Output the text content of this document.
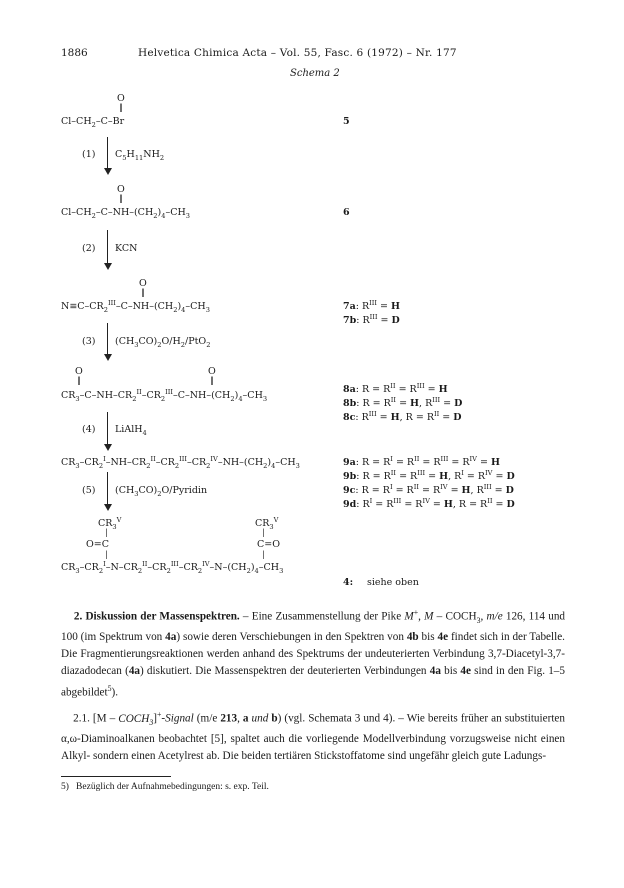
1886	Helvetica Chimica Acta – Vol. 55, Fasc. 6 (1972) – Nr. 177
Schema 2
O
‖
$Cl-CH_2-C-Br$	5
(1) $C_5H_{11}NH_2$
O
‖
$Cl-CH_2-C-NH-(CH_2)_4-CH_3$	6
(2) KCN
O
‖
$N\equiv C-CR_2^{III}-C-NH-(CH_2)_4-CH_3$	7a: $R^{III} = H$
7b: $R^{III} = D$
(3) $(CH_3CO)_2O/H_2/PtO_2$
O	O
‖	‖
$CR_3-C-NH-CR_2^{II}-CR_2^{III}-C-NH-(CH_2)_4-CH_3$
8a: $R = R^{II} = R^{III} = H$
8b: $R = R^{II} = H$, $R^{III} = D$
8c: $R^{III} = H$, $R = R^{II} = D$
(4) LiAlH$_4$
$CR_3-CR_2^I-NH-CR_2^{II}-CR_2^{III}-CR_2^{IV}-NH-(CH_2)_4-CH_3$	9a: $R = R^I = R^{II} = R^{III} = R^{IV} = H$
9b: $R = R^{II} = R^{III} = H$, $R^I = R^{IV} = D$
9c: $R = R^I = R^{II} = R^{IV} = H$, $R^{III} = D$
9d: $R^I = R^{III} = R^{IV} = H$, $R = R^{II} = D$
(5) $(CH_3CO)_2O$/Pyridin
$CR_3^V$	$CR_3^V$
|	|
O=C	C=O
|	|
$CR_3-CR_2^I-N-CR_2^{II}-CR_2^{III}-CR_2^{IV}-N-(CH_2)_4-CH_3$
4: siehe oben
2. Diskussion der Massenspektren. – Eine Zusammenstellung der Pike M+, M – $COCH_3$, m/e 126, 114 und 100 (im Spektrum von 4a) sowie deren Verschiebungen in den Spektren von 4b bis 4e findet sich in der Tabelle. Die Fragmentierungsreaktionen werden anhand des Spektrums der undeuterierten Verbindung 3,7-Diacetyl-3,7-diazadodecan (4a) diskutiert. Die Massenspektren der deuterierten Verbindungen 4a bis 4e sind in den Fig. 1–5 abgebildet$^5$).
2.1. $[M - COCH_3]^+$-Signal (m/e 213, a und b) (vgl. Schemata 3 und 4). – Wie bereits früher an substituierten α,ω-Diaminoalkanen beobachtet [5], spaltet auch die vorliegende Modellverbindung vorzugsweise nicht einen Alkyl- sondern einen Acetylrest ab. Die beiden tertiären Stickstoffatome sind ungefähr gleich gute Ladungs-
5) Bezüglich der Aufnahmebedingungen: s. exp. Teil.
